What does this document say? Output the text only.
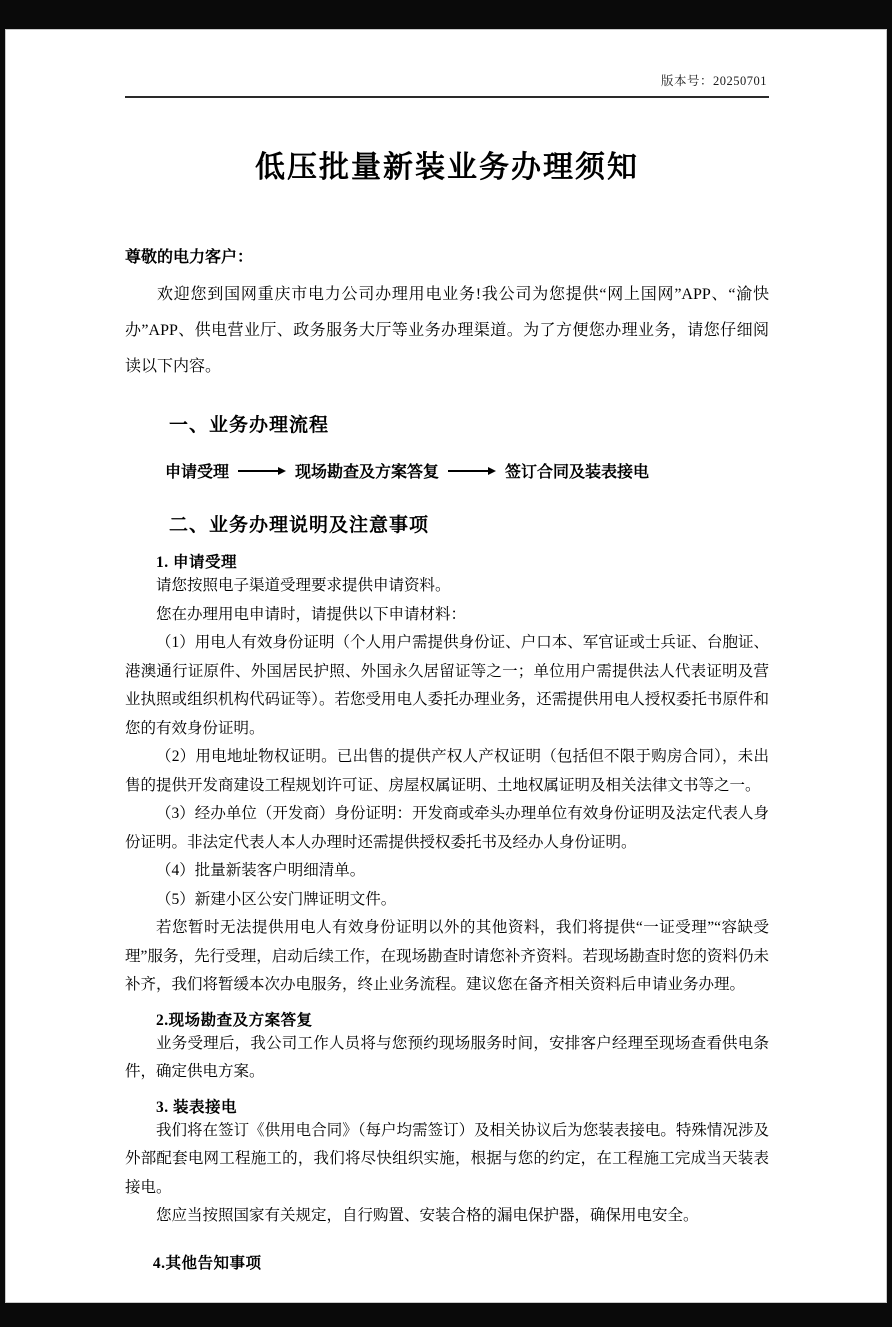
版本号：20250701
低压批量新装业务办理须知

尊敬的电力客户：

欢迎您到国网重庆市电力公司办理用电业务!我公司为您提供“网上国网”APP、“渝快办”APP、供电营业厅、政务服务大厅等业务办理渠道。为了方便您办理业务，请您仔细阅读以下内容。

一、业务办理流程
申请受理	现场勘查及方案答复	签订合同及装表接电
二、业务办理说明及注意事项
1. 申请受理

请您按照电子渠道受理要求提供申请资料。

您在办理用电申请时，请提供以下申请材料：

（1）用电人有效身份证明（个人用户需提供身份证、户口本、军官证或士兵证、台胞证、港澳通行证原件、外国居民护照、外国永久居留证等之一；单位用户需提供法人代表证明及营业执照或组织机构代码证等）。若您受用电人委托办理业务，还需提供用电人授权委托书原件和您的有效身份证明。

（2）用电地址物权证明。已出售的提供产权人产权证明（包括但不限于购房合同），未出售的提供开发商建设工程规划许可证、房屋权属证明、土地权属证明及相关法律文书等之一。

（3）经办单位（开发商）身份证明：开发商或牵头办理单位有效身份证明及法定代表人身份证明。非法定代表人本人办理时还需提供授权委托书及经办人身份证明。

（4）批量新装客户明细清单。

（5）新建小区公安门牌证明文件。

若您暂时无法提供用电人有效身份证明以外的其他资料，我们将提供“一证受理”“容缺受理”服务，先行受理，启动后续工作，在现场勘查时请您补齐资料。若现场勘查时您的资料仍未补齐，我们将暂缓本次办电服务，终止业务流程。建议您在备齐相关资料后申请业务办理。

2.现场勘查及方案答复

业务受理后，我公司工作人员将与您预约现场服务时间，安排客户经理至现场查看供电条件，确定供电方案。

3. 装表接电

我们将在签订《供用电合同》（每户均需签订）及相关协议后为您装表接电。特殊情况涉及外部配套电网工程施工的，我们将尽快组织实施，根据与您的约定，在工程施工完成当天装表接电。

您应当按照国家有关规定，自行购置、安装合格的漏电保护器，确保用电安全。

4.其他告知事项
